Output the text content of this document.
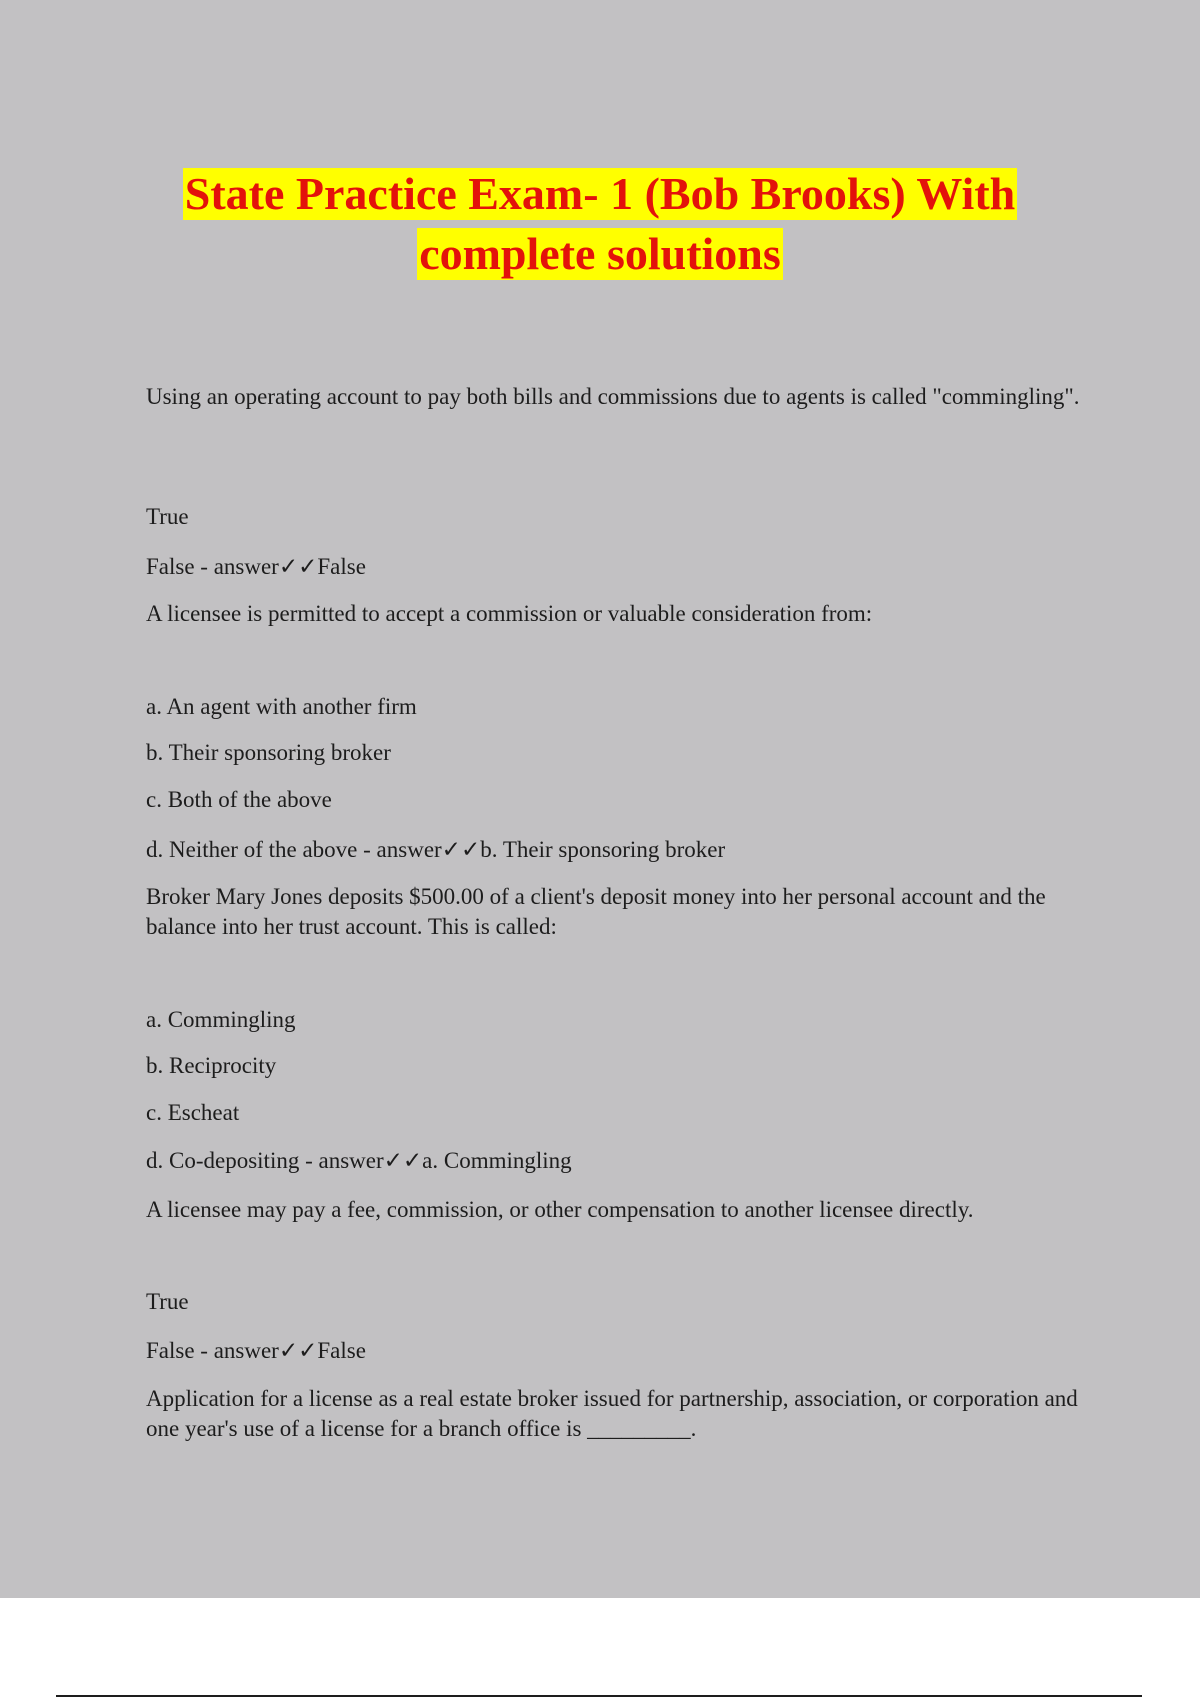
State Practice Exam- 1 (Bob Brooks) With
complete solutions

Using an operating account to pay both bills and commissions due to agents is called "commingling".

True

False - answer✓✓False

A licensee is permitted to accept a commission or valuable consideration from:

a. An agent with another firm

b. Their sponsoring broker

c. Both of the above

d. Neither of the above - answer✓✓b. Their sponsoring broker

Broker Mary Jones deposits $500.00 of a client's deposit money into her personal account and the balance into her trust account. This is called:

a. Commingling

b. Reciprocity

c. Escheat

d. Co-depositing - answer✓✓a. Commingling

A licensee may pay a fee, commission, or other compensation to another licensee directly.

True

False - answer✓✓False

Application for a license as a real estate broker issued for partnership, association, or corporation and one year's use of a license for a branch office is _________.
